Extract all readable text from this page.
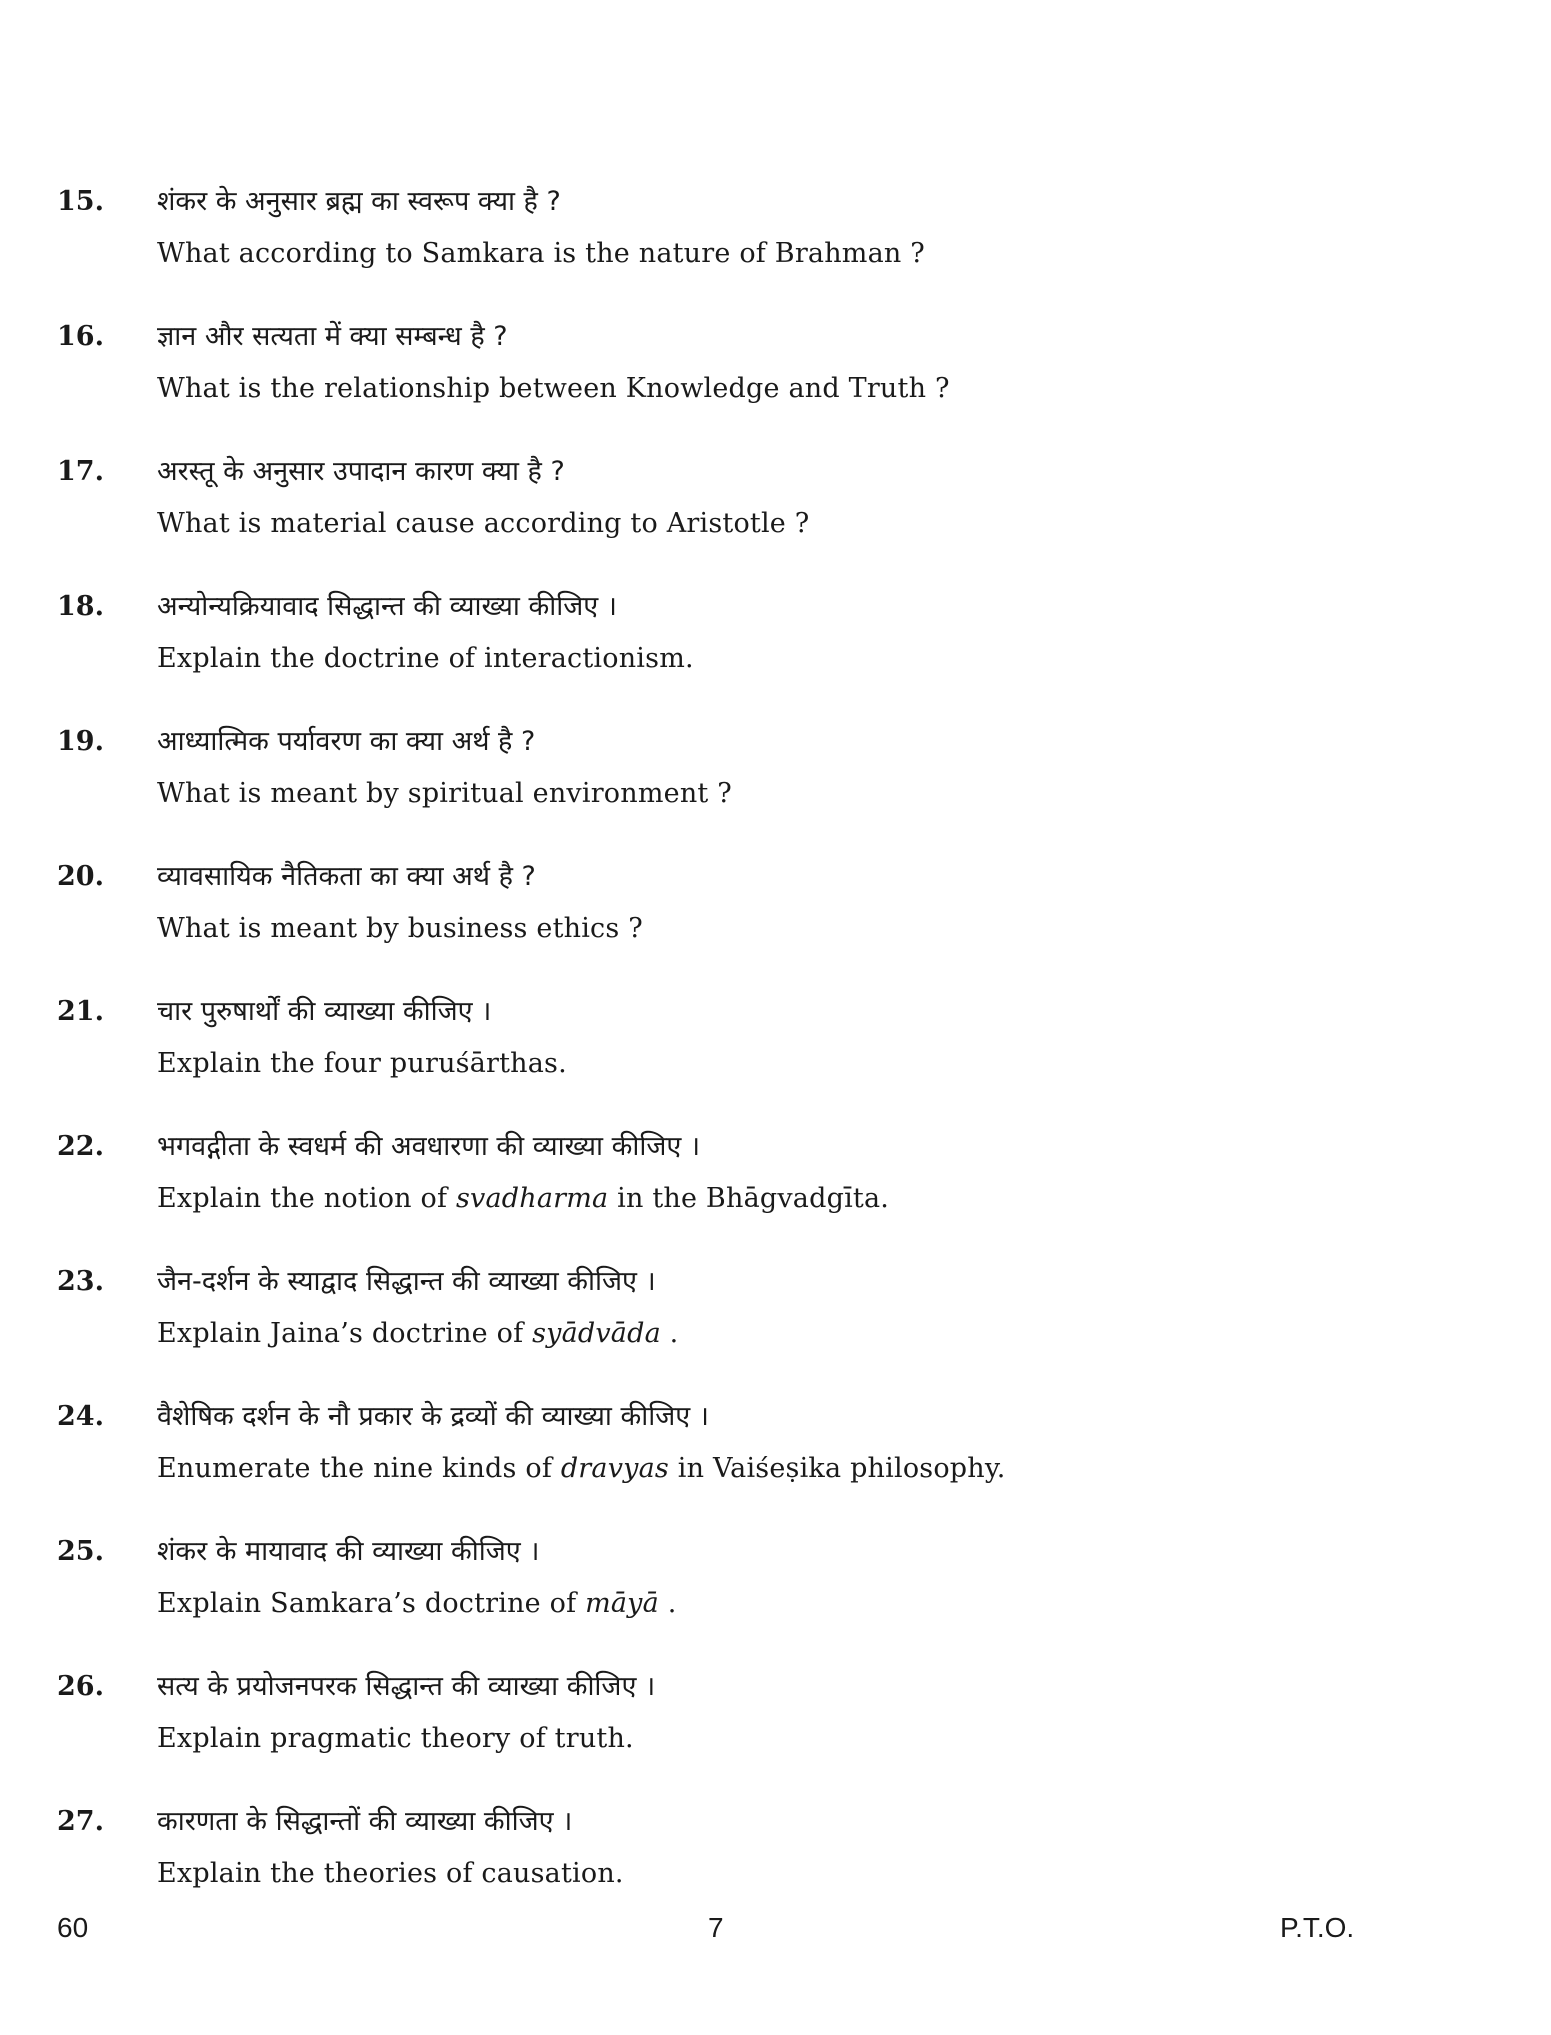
15. शंकर के अनुसार ब्रह्म का स्वरूप क्या है ?
What according to Samkara is the nature of Brahman ?
16. ज्ञान और सत्यता में क्या सम्बन्ध है ?
What is the relationship between Knowledge and Truth ?
17. अरस्तू के अनुसार उपादान कारण क्या है ?
What is material cause according to Aristotle ?
18. अन्योन्यक्रियावाद सिद्धान्त की व्याख्या कीजिए ।
Explain the doctrine of interactionism.
19. आध्यात्मिक पर्यावरण का क्या अर्थ है ?
What is meant by spiritual environment ?
20. व्यावसायिक नैतिकता का क्या अर्थ है ?
What is meant by business ethics ?
21. चार पुरुषार्थों की व्याख्या कीजिए ।
Explain the four puruśārthas.
22. भगवद्गीता के स्वधर्म की अवधारणा की व्याख्या कीजिए ।
Explain the notion of svadharma in the Bhāgvadgīta.
23. जैन-दर्शन के स्याद्वाद सिद्धान्त की व्याख्या कीजिए ।
Explain Jaina’s doctrine of syādvāda .
24. वैशेषिक दर्शन के नौ प्रकार के द्रव्यों की व्याख्या कीजिए ।
Enumerate the nine kinds of dravyas in Vaiśeṣika philosophy.
25. शंकर के मायावाद की व्याख्या कीजिए ।
Explain Samkara’s doctrine of māyā .
26. सत्य के प्रयोजनपरक सिद्धान्त की व्याख्या कीजिए ।
Explain pragmatic theory of truth.
27. कारणता के सिद्धान्तों की व्याख्या कीजिए ।
Explain the theories of causation.
60	7	P.T.O.
